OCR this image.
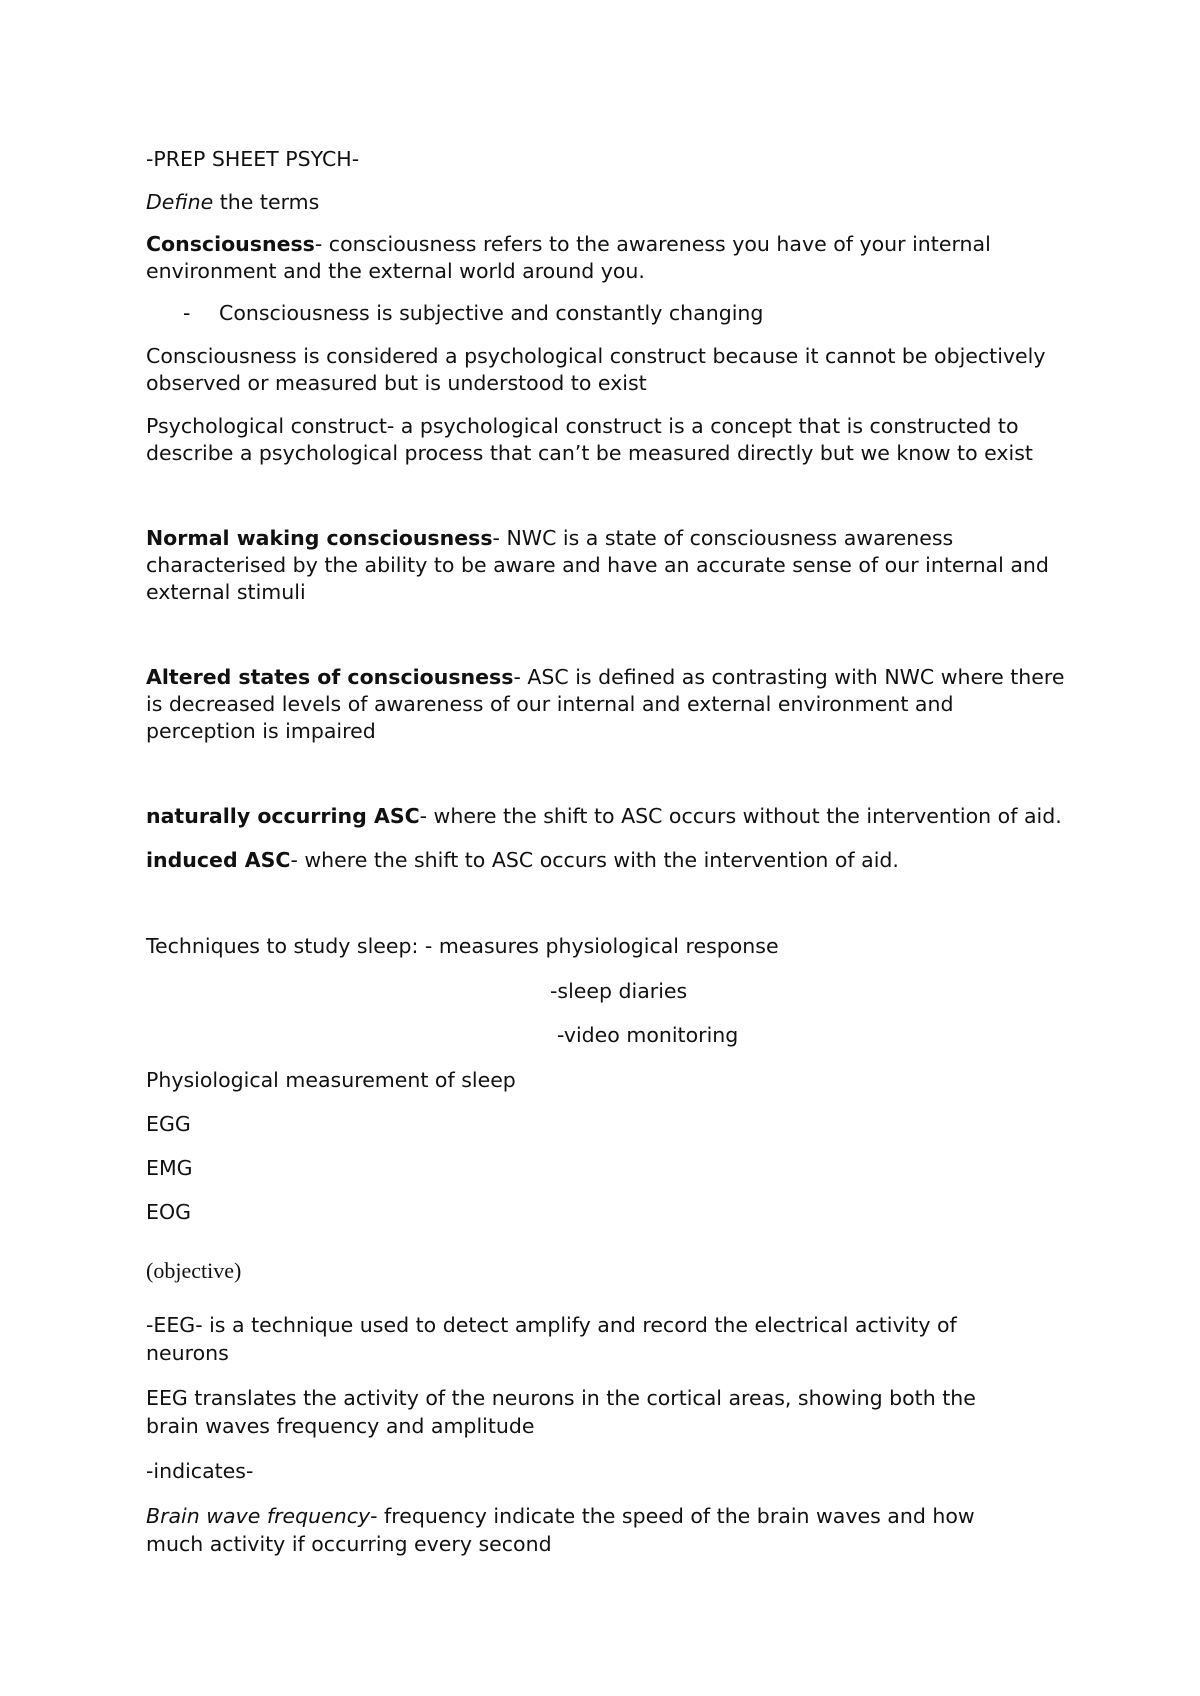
-PREP SHEET PSYCH-
Define the terms
Consciousness- consciousness refers to the awareness you have of your internal
environment and the external world around you.
- Consciousness is subjective and constantly changing
Consciousness is considered a psychological construct because it cannot be objectively
observed or measured but is understood to exist
Psychological construct- a psychological construct is a concept that is constructed to
describe a psychological process that can’t be measured directly but we know to exist
Normal waking consciousness- NWC is a state of consciousness awareness
characterised by the ability to be aware and have an accurate sense of our internal and
external stimuli
Altered states of consciousness- ASC is defined as contrasting with NWC where there
is decreased levels of awareness of our internal and external environment and
perception is impaired
naturally occurring ASC- where the shift to ASC occurs without the intervention of aid.
induced ASC- where the shift to ASC occurs with the intervention of aid.
Techniques to study sleep: - measures physiological response
-sleep diaries
-video monitoring
Physiological measurement of sleep
EGG
EMG
EOG
(objective)
-EEG- is a technique used to detect amplify and record the electrical activity of
neurons
EEG translates the activity of the neurons in the cortical areas, showing both the
brain waves frequency and amplitude
-indicates-
Brain wave frequency- frequency indicate the speed of the brain waves and how
much activity if occurring every second
